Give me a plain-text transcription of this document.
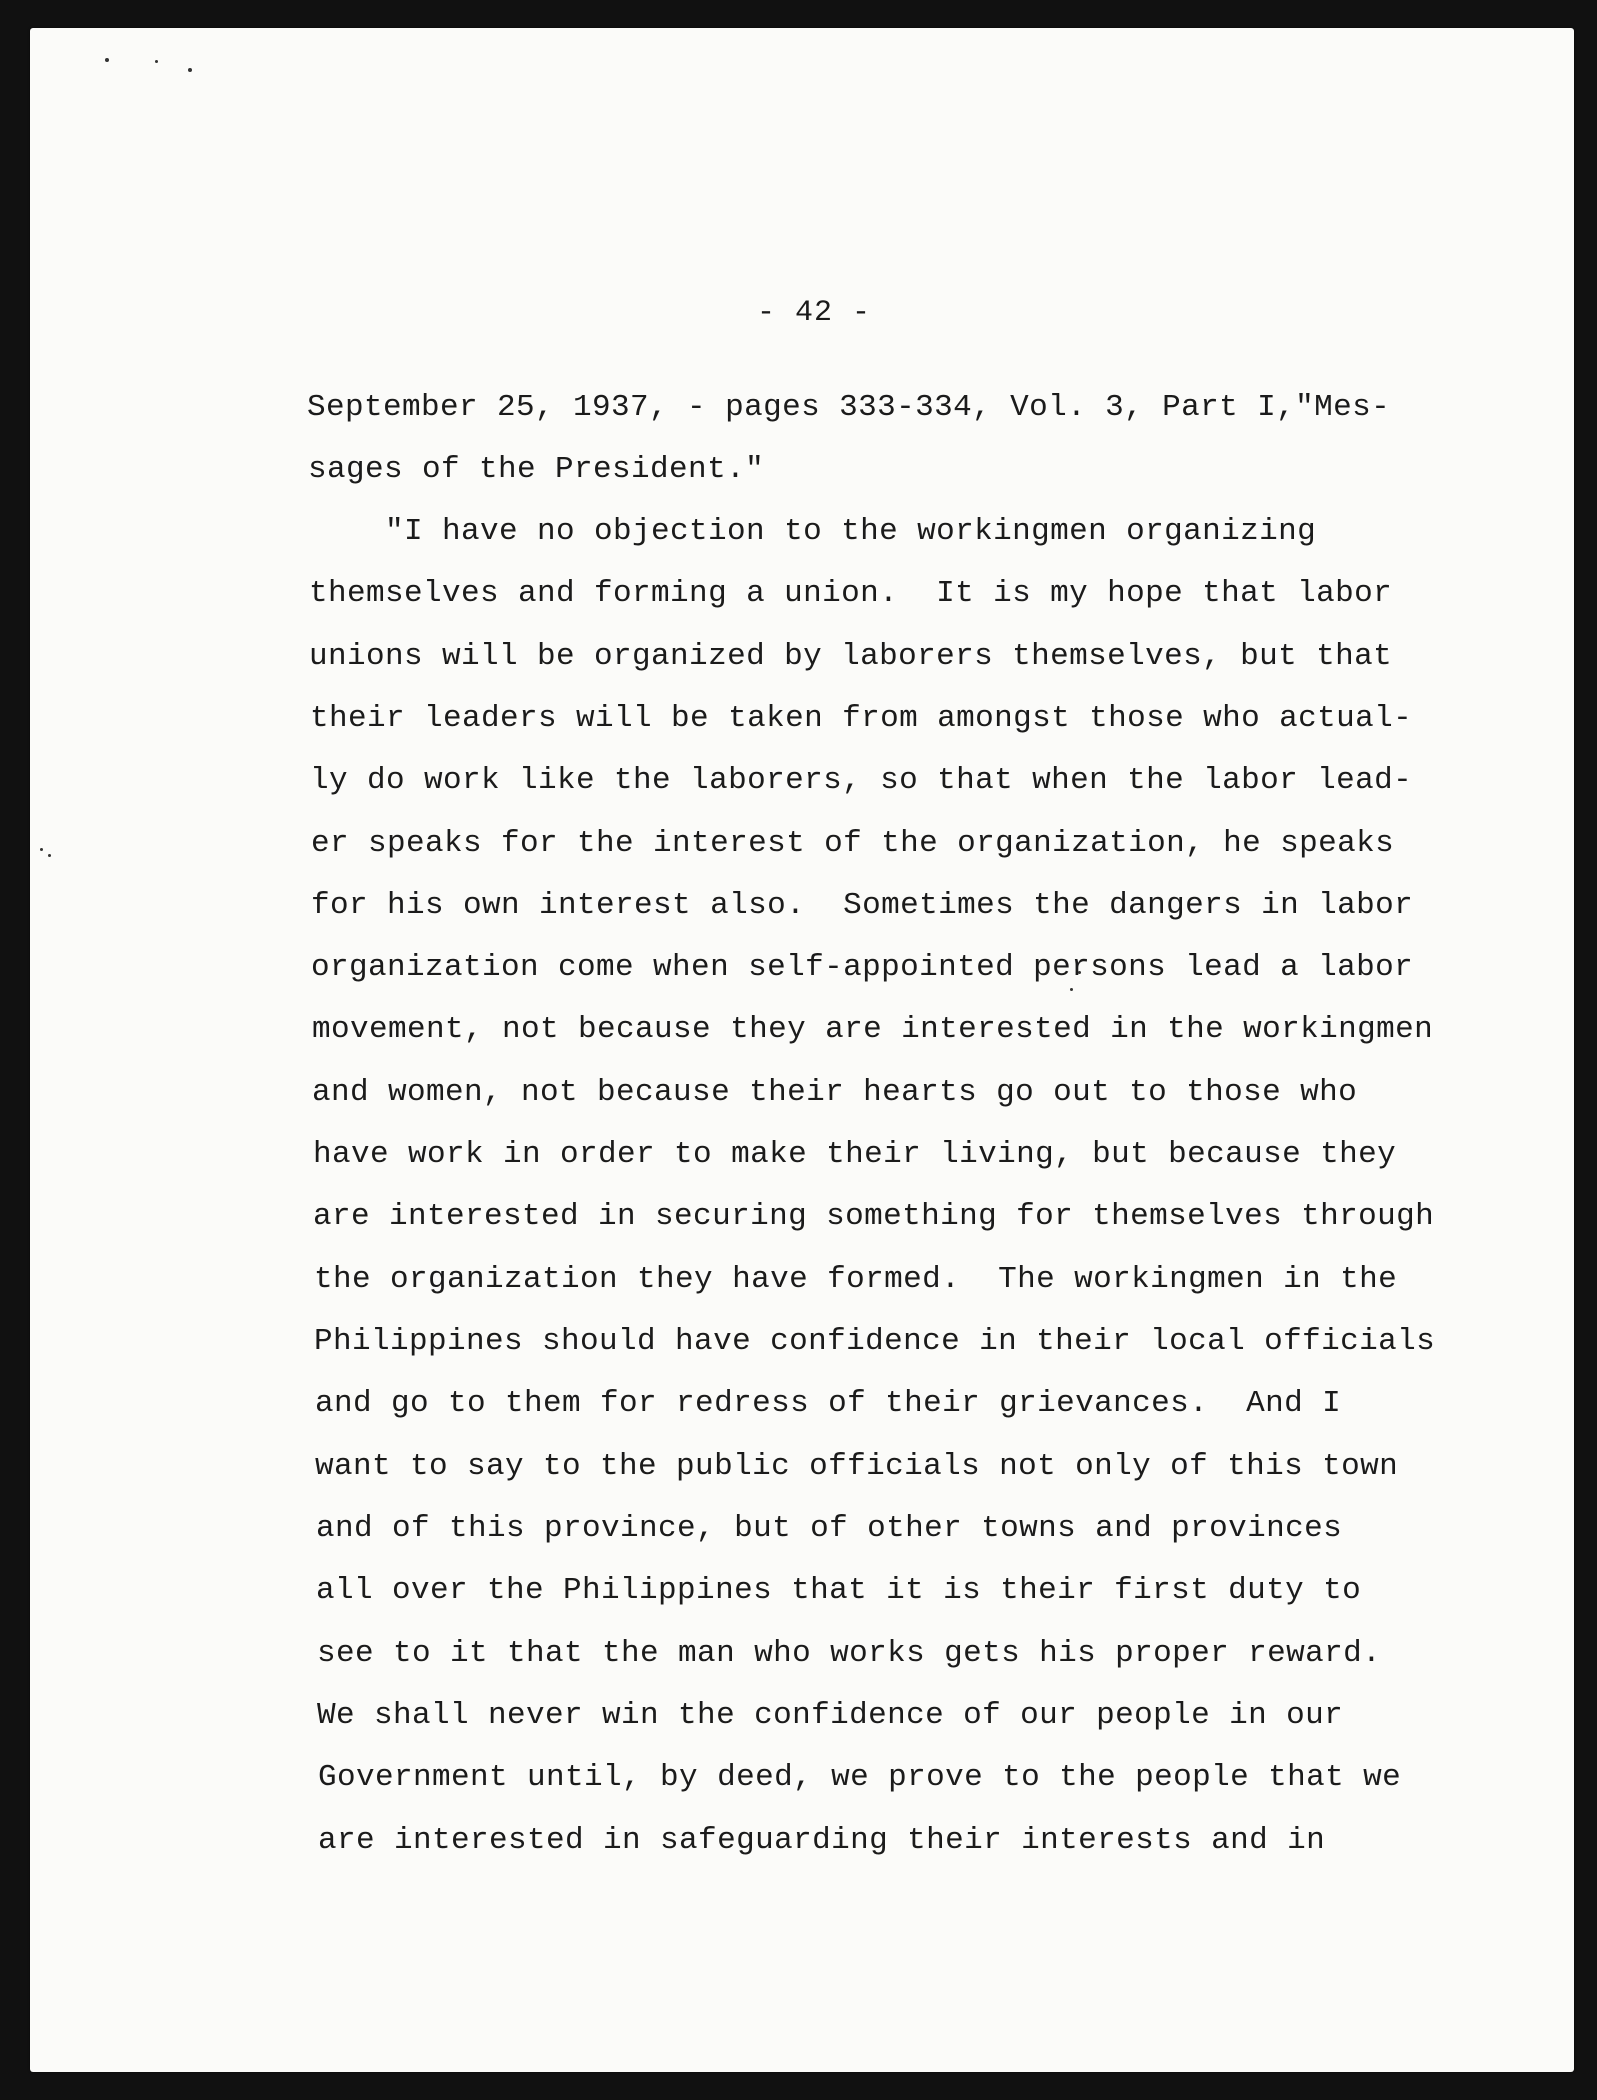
- 42 -
September 25, 1937, - pages 333-334, Vol. 3, Part I,"Mes-
sages of the President."
"I have no objection to the workingmen organizing
themselves and forming a union.  It is my hope that labor
unions will be organized by laborers themselves, but that
their leaders will be taken from amongst those who actual-
ly do work like the laborers, so that when the labor lead-
er speaks for the interest of the organization, he speaks
for his own interest also.  Sometimes the dangers in labor
organization come when self-appointed persons lead a labor
movement, not because they are interested in the workingmen
and women, not because their hearts go out to those who
have work in order to make their living, but because they
are interested in securing something for themselves through
the organization they have formed.  The workingmen in the
Philippines should have confidence in their local officials
and go to them for redress of their grievances.  And I
want to say to the public officials not only of this town
and of this province, but of other towns and provinces
all over the Philippines that it is their first duty to
see to it that the man who works gets his proper reward.
We shall never win the confidence of our people in our
Government until, by deed, we prove to the people that we
are interested in safeguarding their interests and in
